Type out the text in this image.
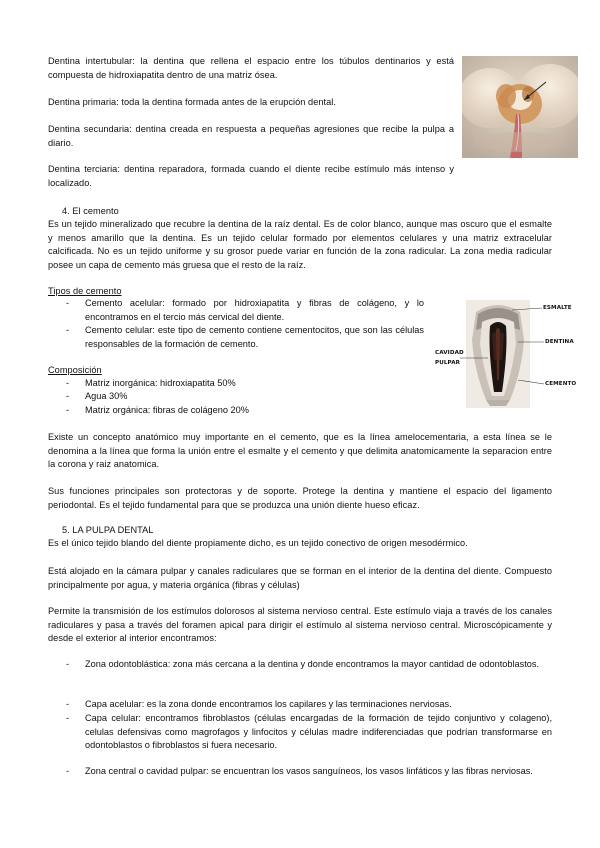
Dentina intertubular: la dentina que rellena el espacio entre los túbulos dentinarios y está compuesta de hidroxiapatita dentro de una matriz ósea.

Dentina primaria: toda la dentina formada antes de la erupción dental.

Dentina secundaria: dentina creada en respuesta a pequeñas agresiones que recibe la pulpa a diario.

Dentina terciaria: dentina reparadora, formada cuando el diente recibe estímulo más intenso y localizado.

4. El cemento

Es un tejido mineralizado que recubre la dentina de la raíz dental. Es de color blanco, aunque mas oscuro que el esmalte y menos amarillo que la dentina. Es un tejido celular formado por elementos celulares y una matriz extracelular calcificada. No es un tejido uniforme y su grosor puede variar en función de la zona radicular. La zona media radicular posee un capa de cemento más gruesa que el resto de la raíz.

Tipos de cemento

- Cemento acelular: formado por hidroxiapatita y fibras de colágeno, y lo encontramos en el tercio más cervical del diente.
- Cemento celular: este tipo de cemento contiene cementocitos, que son las células responsables de la formación de cemento.

Composición

- Matriz inorgánica: hidroxiapatita 50%
- Agua 30%
- Matriz orgánica: fibras de colágeno 20%
ESMALTE
DENTINA
CAVIDAD
PULPAR
CEMENTO

Existe un concepto anatómico muy importante en el cemento, que es la línea amelocementaria, a esta línea se le denomina a la línea que forma la unión entre el esmalte y el cemento y que delimita anatomicamente la separacion entre la corona y raiz anatomica.

Sus funciones principales son protectoras y de soporte. Protege la dentina y mantiene el espacio del ligamento periodontal. Es el tejido fundamental para que se produzca una unión diente hueso eficaz.

5. LA PULPA DENTAL

Es el único tejido blando del diente propiamente dicho, es un tejido conectivo de origen mesodérmico.

Está alojado en la cámara pulpar y canales radiculares que se forman en el interior de la dentina del diente. Compuesto principalmente por agua, y materia orgánica (fibras y células)

Permite la transmisión de los estímulos dolorosos al sistema nervioso central. Este estímulo viaja a través de los canales radiculares y pasa a través del foramen apical para dirigir el estímulo al sistema nervioso central. Microscópicamente y desde el exterior al interior encontramos:

- Zona odontoblástica: zona más cercana a la dentina y donde encontramos la mayor cantidad de odontoblastos.
- Capa acelular: es la zona donde encontramos los capilares y las terminaciones nerviosas.
- Capa celular: encontramos fibroblastos (células encargadas de la formación de tejido conjuntivo y colageno), celulas defensivas como magrofagos y linfocitos y células madre indiferenciadas que podrían transformarse en odontoblastos o fibroblastos si fuera necesario.
- Zona central o cavidad pulpar: se encuentran los vasos sanguíneos, los vasos linfáticos y las fibras nerviosas.
